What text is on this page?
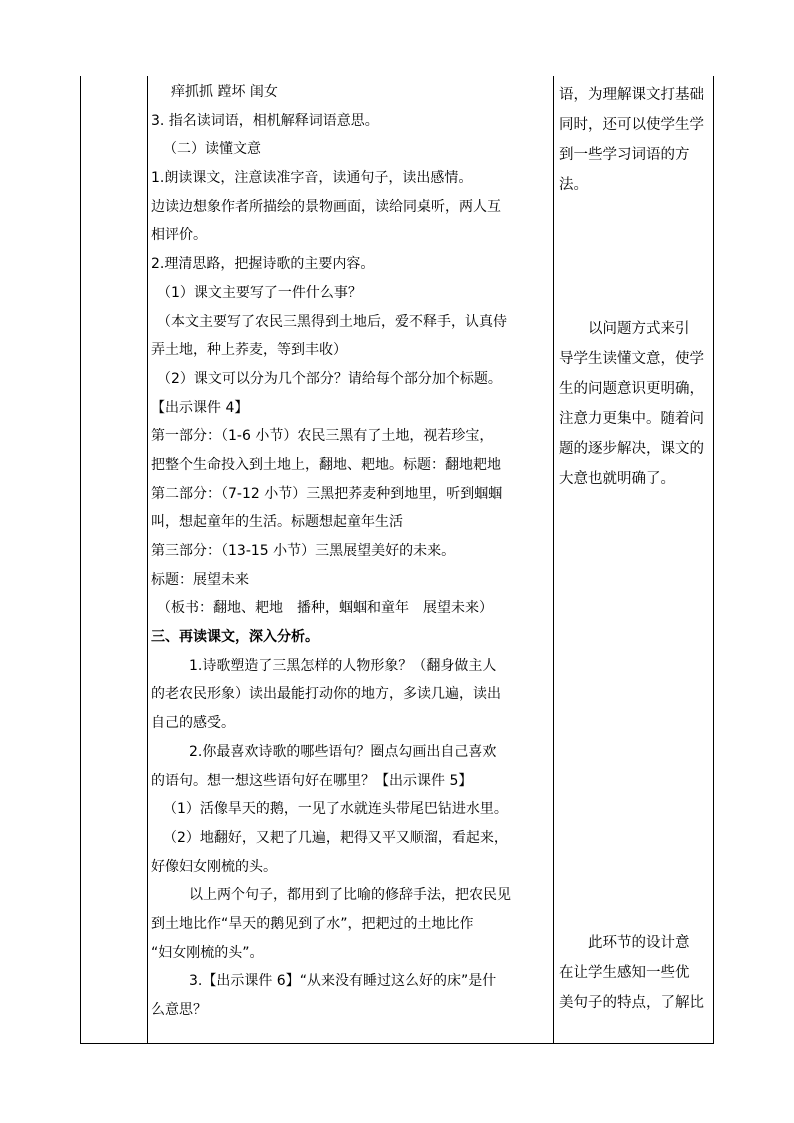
痒抓抓 蹚坏 闺女
3. 指名读词语，相机解释词语意思。
（二）读懂文意
1.朗读课文，注意读准字音，读通句子，读出感情。
边读边想象作者所描绘的景物画面，读给同桌听，两人互
相评价。
2.理清思路，把握诗歌的主要内容。
（1）课文主要写了一件什么事？
（本文主要写了农民三黑得到土地后，爱不释手，认真侍
弄土地，种上荞麦，等到丰收）
（2）课文可以分为几个部分？请给每个部分加个标题。
【出示课件 4】
第一部分：（1-6 小节）农民三黑有了土地，视若珍宝，
把整个生命投入到土地上，翻地、耙地。标题：翻地耙地
第二部分：（7-12 小节）三黑把荞麦种到地里，听到蝈蝈
叫，想起童年的生活。标题想起童年生活
第三部分：（13-15 小节）三黑展望美好的未来。
标题：展望未来
（板书：翻地、耙地　播种，蝈蝈和童年　展望未来）
三、再读课文，深入分析。
1.诗歌塑造了三黑怎样的人物形象？（翻身做主人
的老农民形象）读出最能打动你的地方，多读几遍，读出
自己的感受。
2.你最喜欢诗歌的哪些语句？圈点勾画出自己喜欢
的语句。想一想这些语句好在哪里？【出示课件 5】
（1）活像旱天的鹅，一见了水就连头带尾巴钻进水里。
（2）地翻好，又耙了几遍，耙得又平又顺溜，看起来，
好像妇女刚梳的头。
以上两个句子，都用到了比喻的修辞手法，把农民见
到土地比作“旱天的鹅见到了水”，把耙过的土地比作
“妇女刚梳的头”。
3.【出示课件 6】“从来没有睡过这么好的床”是什
么意思？
语，为理解课文打基础
同时，还可以使学生学
到一些学习词语的方
法。
　　以问题方式来引
导学生读懂文意，使学
生的问题意识更明确，
注意力更集中。随着问
题的逐步解决，课文的
大意也就明确了。
　　此环节的设计意
在让学生感知一些优
美句子的特点，了解比
